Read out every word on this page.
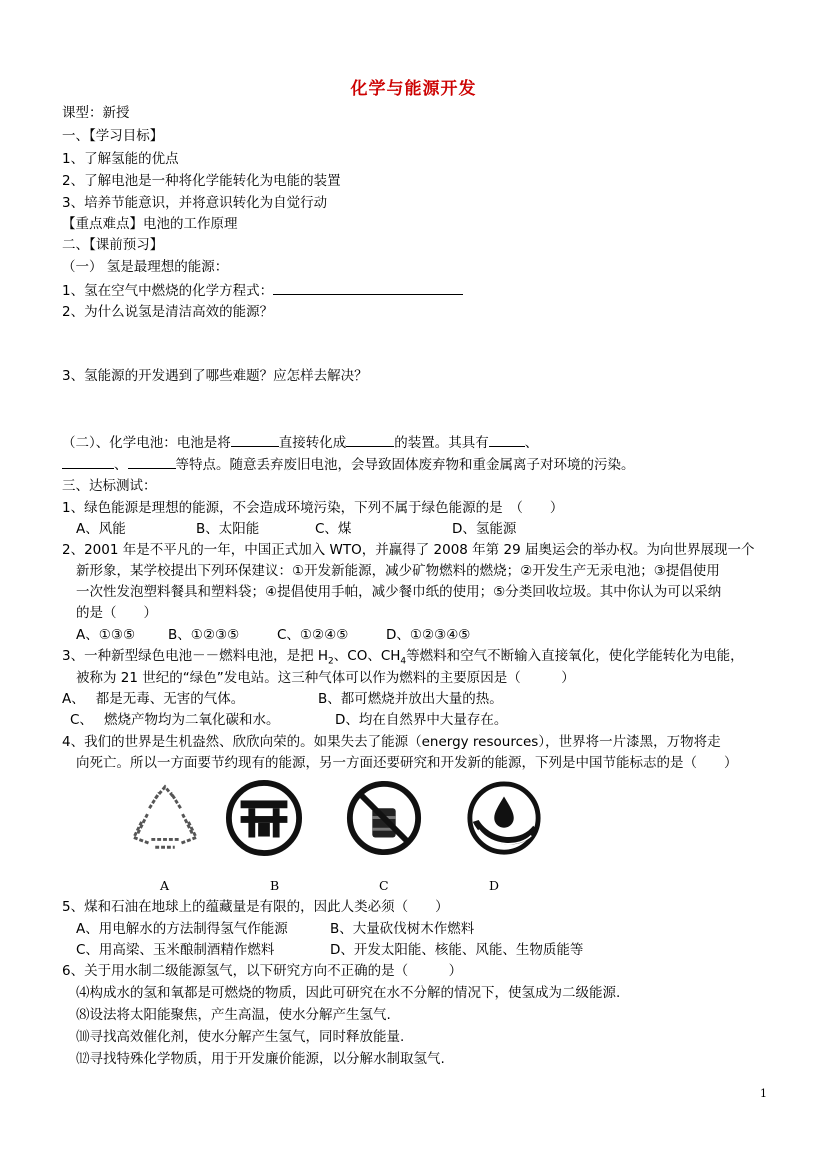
化学与能源开发
课型：新授
一、【学习目标】
1、了解氢能的优点
2、了解电池是一种将化学能转化为电能的装置
3、培养节能意识，并将意识转化为自觉行动
【重点难点】电池的工作原理
二、【课前预习】
（一） 氢是最理想的能源：
1、氢在空气中燃烧的化学方程式：
2、为什么说氢是清洁高效的能源？
3、氢能源的开发遇到了哪些难题？应怎样去解决？
（二）、化学电池：电池是将	直接转化成	的装置。其具有	、
、	等特点。随意丢弃废旧电池，会导致固体废弃物和重金属离子对环境的污染。
三、达标测试：
1、绿色能源是理想的能源，不会造成环境污染，下列不属于绿色能源的是　（　　）
A、风能	B、太阳能	C、煤	D、氢能源
2、2001 年是不平凡的一年，中国正式加入 WTO，并赢得了 2008 年第 29 届奥运会的举办权。为向世界展现一个
新形象，某学校提出下列环保建议：①开发新能源，减少矿物燃料的燃烧；②开发生产无汞电池；③提倡使用
一次性发泡塑料餐具和塑料袋；④提倡使用手帕，减少餐巾纸的使用；⑤分类回收垃圾。其中你认为可以采纳
的是（　　）
A、①③⑤ B、①②③⑤	C、①②④⑤	D、①②③④⑤
3、一种新型绿色电池－－燃料电池，是把 $H_2$、CO、$CH_4$等燃料和空气不断输入直接氧化，使化学能转化为电能，
被称为 21 世纪的“绿色”发电站。这三种气体可以作为燃料的主要原因是（　　　）
A、　 都是无毒、无害的气体。	B、都可燃烧并放出大量的热。
C、　 燃烧产物均为二氧化碳和水。	D、均在自然界中大量存在。
4、我们的世界是生机盎然、欣欣向荣的。如果失去了能源（energy resources），世界将一片漆黑，万物将走
向死亡。所以一方面要节约现有的能源，另一方面还要研究和开发新的能源，下列是中国节能标志的是（　　）
A	B	C	D
5、煤和石油在地球上的蕴藏量是有限的，因此人类必须（　　）
A、用电解水的方法制得氢气作能源	B、大量砍伐树木作燃料
C、用高梁、玉米酿制酒精作燃料	D、开发太阳能、核能、风能、生物质能等
6、关于用水制二级能源氢气，以下研究方向不正确的是（　　　）
⑷构成水的氢和氧都是可燃烧的物质，因此可研究在水不分解的情况下，使氢成为二级能源.
⑻设法将太阳能聚焦，产生高温，使水分解产生氢气.
⑽寻找高效催化剂，使水分解产生氢气，同时释放能量.
⑿寻找特殊化学物质，用于开发廉价能源，以分解水制取氢气.
1
